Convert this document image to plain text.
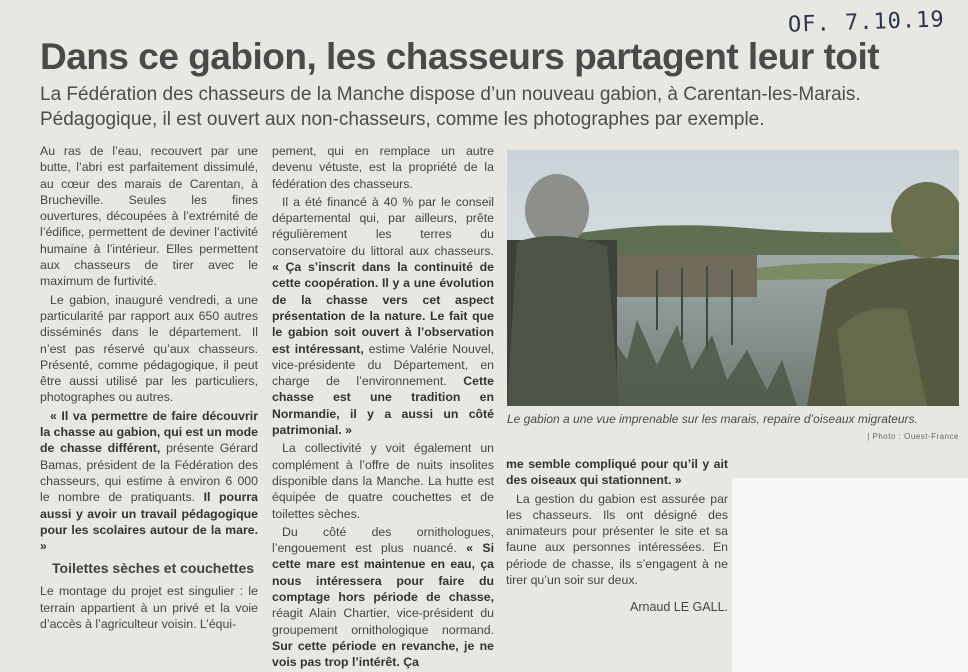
OF. 7.10.19
Dans ce gabion, les chasseurs partagent leur toit
La Fédération des chasseurs de la Manche dispose d’un nouveau gabion, à Carentan-les-Marais.
Pédagogique, il est ouvert aux non-chasseurs, comme les photographes par exemple.

Au ras de l’eau, recouvert par une butte, l’abri est parfaitement dissimulé, au cœur des marais de Carentan, à Brucheville. Seules les fines ouvertures, découpées à l’extrémité de l’édifice, permettent de deviner l’activité humaine à l’intérieur. Elles permettent aux chasseurs de tirer avec le maximum de furtivité.

Le gabion, inauguré vendredi, a une particularité par rapport aux 650 autres disséminés dans le département. Il n’est pas réservé qu’aux chasseurs. Présenté, comme pédagogique, il peut être aussi utilisé par les particuliers, photographes ou autres.

« Il va permettre de faire découvrir la chasse au gabion, qui est un mode de chasse différent, présente Gérard Bamas, président de la Fédération des chasseurs, qui estime à environ 6 000 le nombre de pratiquants. Il pourra aussi y avoir un travail pédagogique pour les scolaires autour de la mare. »

Toilettes sèches et couchettes

Le montage du projet est singulier : le terrain appartient à un privé et la voie d’accès à l’agriculteur voisin. L’équi-

pement, qui en remplace un autre devenu vétuste, est la propriété de la fédération des chasseurs.

Il a été financé à 40 % par le conseil départemental qui, par ailleurs, prête régulièrement les terres du conservatoire du littoral aux chasseurs. « Ça s’inscrit dans la continuité de cette coopération. Il y a une évolution de la chasse vers cet aspect présentation de la nature. Le fait que le gabion soit ouvert à l’observation est intéressant, estime Valérie Nouvel, vice-présidente du Département, en charge de l’environnement. Cette chasse est une tradition en Normandie, il y a aussi un côté patrimonial. »

La collectivité y voit également un complément à l’offre de nuits insolites disponible dans la Manche. La hutte est équipée de quatre couchettes et de toilettes sèches.

Du côté des ornithologues, l’engouement est plus nuancé. « Si cette mare est maintenue en eau, ça nous intéressera pour faire du comptage hors période de chasse, réagit Alain Chartier, vice-président du groupement ornithologique normand. Sur cette période en revanche, je ne vois pas trop l’intérêt. Ça

Le gabion a une vue imprenable sur les marais, repaire d’oiseaux migrateurs.
| Photo : Ouest-France

me semble compliqué pour qu’il y ait des oiseaux qui stationnent. »

La gestion du gabion est assurée par les chasseurs. Ils ont désigné des animateurs pour présenter le site et sa faune aux personnes intéressées. En période de chasse, ils s’engagent à ne tirer qu’un soir sur deux.

Arnaud LE GALL.
